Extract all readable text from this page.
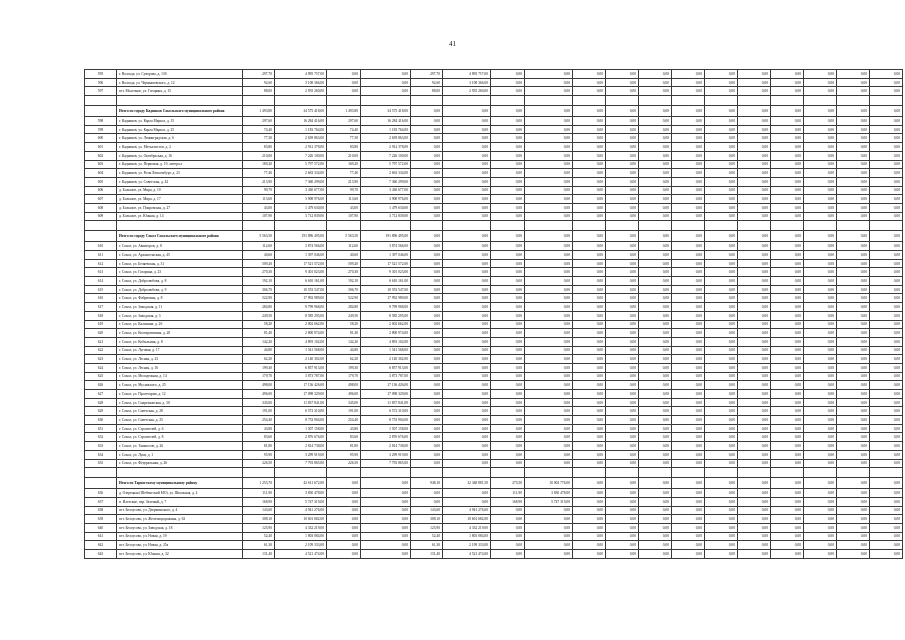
41
595	г. Вологда, ул. Суворова, д. 13б	297,70	4 895 757,00	0,00	0,00	297,70	4 895 757,00	0,00	0,00	0,00	0,00	0,00	0,00	0,00	0,00	0,00	0,00	0,00	0,00
596	г. Вологда, ул. Чернышевского, д. 12	92,60	3 108 366,00	0,00	0,00	92,60	3 108 366,00	0,00	0,00	0,00	0,00	0,00	0,00	0,00	0,00	0,00	0,00	0,00	0,00
597	пгт. Молочное, ул. Гагарина, д. 15	88,00	2 935 260,00	0,00	0,00	88,00	2 935 260,00	0,00	0,00	0,00	0,00	0,00	0,00	0,00	0,00	0,00	0,00	0,00	0,00

	Итого по городу Кадников Сокольского муниципального района	1 493,80	34 575 418,00	1 493,80	34 575 418,00	0,00	0,00	0,00	0,00	0,00	0,00	0,00	0,00	0,00	0,00	0,00	0,00	0,00	0,00
598	г. Кадников, ул. Карла Маркса, д. 15	297,60	16 284 416,00	297,60	16 284 416,00	0,00	0,00	0,00	0,00	0,00	0,00	0,00	0,00	0,00	0,00	0,00	0,00	0,00	0,00
599	г. Кадников, ул. Карла Маркса, д. 25	74,40	1 183 764,00	74,40	1 183 764,00	0,00	0,00	0,00	0,00	0,00	0,00	0,00	0,00	0,00	0,00	0,00	0,00	0,00	0,00
600	г. Кадников, ул. Ленинградская, д. 6	77,30	2 639 863,00	77,30	2 639 863,00	0,00	0,00	0,00	0,00	0,00	0,00	0,00	0,00	0,00	0,00	0,00	0,00	0,00	0,00
601	г. Кадников, ул. Металлистов, д. 2	83,80	2 912 378,00	83,80	2 912 378,00	0,00	0,00	0,00	0,00	0,00	0,00	0,00	0,00	0,00	0,00	0,00	0,00	0,00	0,00
602	г. Кадников, ул. Октябрьская, д. 16	210,00	7 226 100,00	210,00	7 226 100,00	0,00	0,00	0,00	0,00	0,00	0,00	0,00	0,00	0,00	0,00	0,00	0,00	0,00	0,00
603	г. Кадников, ул. Первомая, д. 19, литера а	169,20	5 797 572,00	169,20	5 797 572,00	0,00	0,00	0,00	0,00	0,00	0,00	0,00	0,00	0,00	0,00	0,00	0,00	0,00	0,00
604	г. Кадников, ул. Розы Люксембург, д. 23	77,40	2 663 334,00	77,40	2 663 334,00	0,00	0,00	0,00	0,00	0,00	0,00	0,00	0,00	0,00	0,00	0,00	0,00	0,00	0,00
605	г. Кадников, ул. Советская, д. 42	213,90	7 360 299,00	213,90	7 360 299,00	0,00	0,00	0,00	0,00	0,00	0,00	0,00	0,00	0,00	0,00	0,00	0,00	0,00	0,00
606	д. Большое, ул. Мира, д. 10	99,70	3 430 677,00	99,70	3 430 677,00	0,00	0,00	0,00	0,00	0,00	0,00	0,00	0,00	0,00	0,00	0,00	0,00	0,00	0,00
607	д. Большое, ул. Мира, д. 17	113,60	3 908 976,00	113,60	3 908 976,00	0,00	0,00	0,00	0,00	0,00	0,00	0,00	0,00	0,00	0,00	0,00	0,00	0,00	0,00
608	д. Большое, ул. Покровская, д. 27	43,00	1 479 630,00	43,00	1 479 630,00	0,00	0,00	0,00	0,00	0,00	0,00	0,00	0,00	0,00	0,00	0,00	0,00	0,00	0,00
609	д. Большое, ул. Южная, д. 14	107,90	3 712 839,00	107,90	3 712 839,00	0,00	0,00	0,00	0,00	0,00	0,00	0,00	0,00	0,00	0,00	0,00	0,00	0,00	0,00

	Итого по городу Сокол Сокольского муниципального района	5 563,50	191 896 495,00	5 563,50	191 896 495,00	0,00	0,00	0,00	0,00	0,00	0,00	0,00	0,00	0,00	0,00	0,00	0,00	0,00	0,00
610	г. Сокол, ул. Авиаторов, д. 8	112,60	3 874 566,00	112,60	3 874 566,00	0,00	0,00	0,00	0,00	0,00	0,00	0,00	0,00	0,00	0,00	0,00	0,00	0,00	0,00
611	г. Сокол, ул. Архангельская, д. 45	40,60	1 397 046,00	40,60	1 397 046,00	0,00	0,00	0,00	0,00	0,00	0,00	0,00	0,00	0,00	0,00	0,00	0,00	0,00	0,00
612	г. Сокол, ул. Беляевская, д. 31	509,20	17 521 572,00	509,20	17 521 572,00	0,00	0,00	0,00	0,00	0,00	0,00	0,00	0,00	0,00	0,00	0,00	0,00	0,00	0,00
613	г. Сокол, ул. Гагарина, д. 23	270,30	9 301 023,00	270,30	9 301 023,00	0,00	0,00	0,00	0,00	0,00	0,00	0,00	0,00	0,00	0,00	0,00	0,00	0,00	0,00
614	г. Сокол, ул. Добролюбова, д. 8	192,10	6 610 161,00	192,10	6 610 161,00	0,00	0,00	0,00	0,00	0,00	0,00	0,00	0,00	0,00	0,00	0,00	0,00	0,00	0,00
615	г. Сокол, ул. Добролюбова, д. 9	306,70	10 553 547,00	306,70	10 553 547,00	0,00	0,00	0,00	0,00	0,00	0,00	0,00	0,00	0,00	0,00	0,00	0,00	0,00	0,00
616	г. Сокол, ул. Фабричная, д. 8	522,90	17 992 989,00	522,90	17 992 989,00	0,00	0,00	0,00	0,00	0,00	0,00	0,00	0,00	0,00	0,00	0,00	0,00	0,00	0,00
617	г. Сокол, ул. Заводская, д. 11	284,80	9 799 968,00	284,80	9 799 968,00	0,00	0,00	0,00	0,00	0,00	0,00	0,00	0,00	0,00	0,00	0,00	0,00	0,00	0,00
618	г. Сокол, ул. Заводская, д. 3	249,50	8 585 295,00	249,50	8 585 295,00	0,00	0,00	0,00	0,00	0,00	0,00	0,00	0,00	0,00	0,00	0,00	0,00	0,00	0,00
619	г. Сокол, ул. Калинина, д. 2б	58,20	2 002 662,00	58,20	2 002 662,00	0,00	0,00	0,00	0,00	0,00	0,00	0,00	0,00	0,00	0,00	0,00	0,00	0,00	0,00
620	г. Сокол, ул. Кооперативная, д. 20	81,40	2 800 974,00	81,40	2 800 974,00	0,00	0,00	0,00	0,00	0,00	0,00	0,00	0,00	0,00	0,00	0,00	0,00	0,00	0,00
621	г. Сокол, ул. Кобыльник, д. 8	142,20	4 893 102,00	142,20	4 893 102,00	0,00	0,00	0,00	0,00	0,00	0,00	0,00	0,00	0,00	0,00	0,00	0,00	0,00	0,00
622	г. Сокол, ул. Луговая, д. 17	44,80	1 541 568,00	44,80	1 541 568,00	0,00	0,00	0,00	0,00	0,00	0,00	0,00	0,00	0,00	0,00	0,00	0,00	0,00	0,00
623	г. Сокол, ул. Лесная, д. 23	62,20	2 140 302,00	62,20	2 140 302,00	0,00	0,00	0,00	0,00	0,00	0,00	0,00	0,00	0,00	0,00	0,00	0,00	0,00	0,00
624	г. Сокол, ул. Лесная, д. 16	199,30	6 857 913,00	199,30	6 857 913,00	0,00	0,00	0,00	0,00	0,00	0,00	0,00	0,00	0,00	0,00	0,00	0,00	0,00	0,00
625	г. Сокол, ул. Молодежная, д. 14	179,70	3 873 787,00	179,70	3 873 787,00	0,00	0,00	0,00	0,00	0,00	0,00	0,00	0,00	0,00	0,00	0,00	0,00	0,00	0,00
626	г. Сокол, ул. Мусинского, д. 25	498,00	17 136 426,00	498,00	17 136 426,00	0,00	0,00	0,00	0,00	0,00	0,00	0,00	0,00	0,00	0,00	0,00	0,00	0,00	0,00
627	г. Сокол, ул. Пролетарии, д. 12	496,00	17 098 329,00	496,00	17 098 329,00	0,00	0,00	0,00	0,00	0,00	0,00	0,00	0,00	0,00	0,00	0,00	0,00	0,00	0,00
628	г. Сокол, ул. Спартаковская, д. 30	345,00	11 837 841,00	345,00	11 837 841,00	0,00	0,00	0,00	0,00	0,00	0,00	0,00	0,00	0,00	0,00	0,00	0,00	0,00	0,00
629	г. Сокол, ул. Советская, д. 28	191,00	6 572 310,00	191,00	6 572 310,00	0,00	0,00	0,00	0,00	0,00	0,00	0,00	0,00	0,00	0,00	0,00	0,00	0,00	0,00
630	г. Сокол, ул. Советская, д. 25	254,40	8 753 904,00	254,40	8 753 904,00	0,00	0,00	0,00	0,00	0,00	0,00	0,00	0,00	0,00	0,00	0,00	0,00	0,00	0,00
631	г. Сокол, ул. Строителей, д. 6	43,80	1 507 158,00	43,80	1 507 158,00	0,00	0,00	0,00	0,00	0,00	0,00	0,00	0,00	0,00	0,00	0,00	0,00	0,00	0,00
632	г. Сокол, ул. Строителей, д. 8	83,60	2 876 676,00	83,60	2 876 676,00	0,00	0,00	0,00	0,00	0,00	0,00	0,00	0,00	0,00	0,00	0,00	0,00	0,00	0,00
633	г. Сокол, ул. Танкистов, д. 26	81,80	2 814 738,00	81,80	2 814 738,00	0,00	0,00	0,00	0,00	0,00	0,00	0,00	0,00	0,00	0,00	0,00	0,00	0,00	0,00
634	г. Сокол, ул. Луки, д. 1	95,90	3 299 919,00	95,90	3 299 919,00	0,00	0,00	0,00	0,00	0,00	0,00	0,00	0,00	0,00	0,00	0,00	0,00	0,00	0,00
635	г. Сокол, ул. Федеральная, д. 26	226,50	7 793 865,00	226,50	7 793 865,00	0,00	0,00	0,00	0,00	0,00	0,00	0,00	0,00	0,00	0,00	0,00	0,00	0,00	0,00

	Итого по Тарногскому муниципальному району	1 253,70	42 611 672,00	0,00	0,00	948,10	32 348 881,50	275,50	10 002 776,00	0,00	0,00	0,00	0,00	0,00	0,00	0,00	0,00	0,00	0,00
636	д. Озерецкая (Шебенгский МО), ул. Школьная, д. 4	111,90	3 830 478,00	0,00	0,00	0,00	0,00	111,90	3 830 478,00	0,00	0,00	0,00	0,00	0,00	0,00	0,00	0,00	0,00	0,00
637	п. Илезские, пер. Зеленый, д. 7	168,90	5 747 319,00	0,00	0,00	0,00	0,00	168,90	5 747 319,00	0,00	0,00	0,00	0,00	0,00	0,00	0,00	0,00	0,00	0,00
638	пгт. Белоусово, ул. Дзержинского, д. 4	143,60	4 941 276,00	0,00	0,00	143,60	4 941 276,00	0,00	0,00	0,00	0,00	0,00	0,00	0,00	0,00	0,00	0,00	0,00	0,00
639	пгт. Белоусово, ул. Железнодорожная, д. 63	308,10	10 601 682,00	0,00	0,00	308,10	10 601 682,00	0,00	0,00	0,00	0,00	0,00	0,00	0,00	0,00	0,00	0,00	0,00	0,00
640	пгт. Белоусово, ул. Заводская, д. 18	125,90	4 332 219,00	0,00	0,00	125,90	4 332 219,00	0,00	0,00	0,00	0,00	0,00	0,00	0,00	0,00	0,00	0,00	0,00	0,00
641	пгт. Белоусово, ул. Новая, д. 19	52,40	1 803 084,00	0,00	0,00	52,40	1 803 084,00	0,00	0,00	0,00	0,00	0,00	0,00	0,00	0,00	0,00	0,00	0,00	0,00
642	пгт. Белоусово, ул. Новая, д. 25а	61,30	2 109 333,00	0,00	0,00	61,30	2 109 333,00	0,00	0,00	0,00	0,00	0,00	0,00	0,00	0,00	0,00	0,00	0,00	0,00
643	пгт. Белоусово, ул. Южная, д. 32	131,40	4 521 474,00	0,00	0,00	131,40	4 521 474,00	0,00	0,00	0,00	0,00	0,00	0,00	0,00	0,00	0,00	0,00	0,00	0,00
